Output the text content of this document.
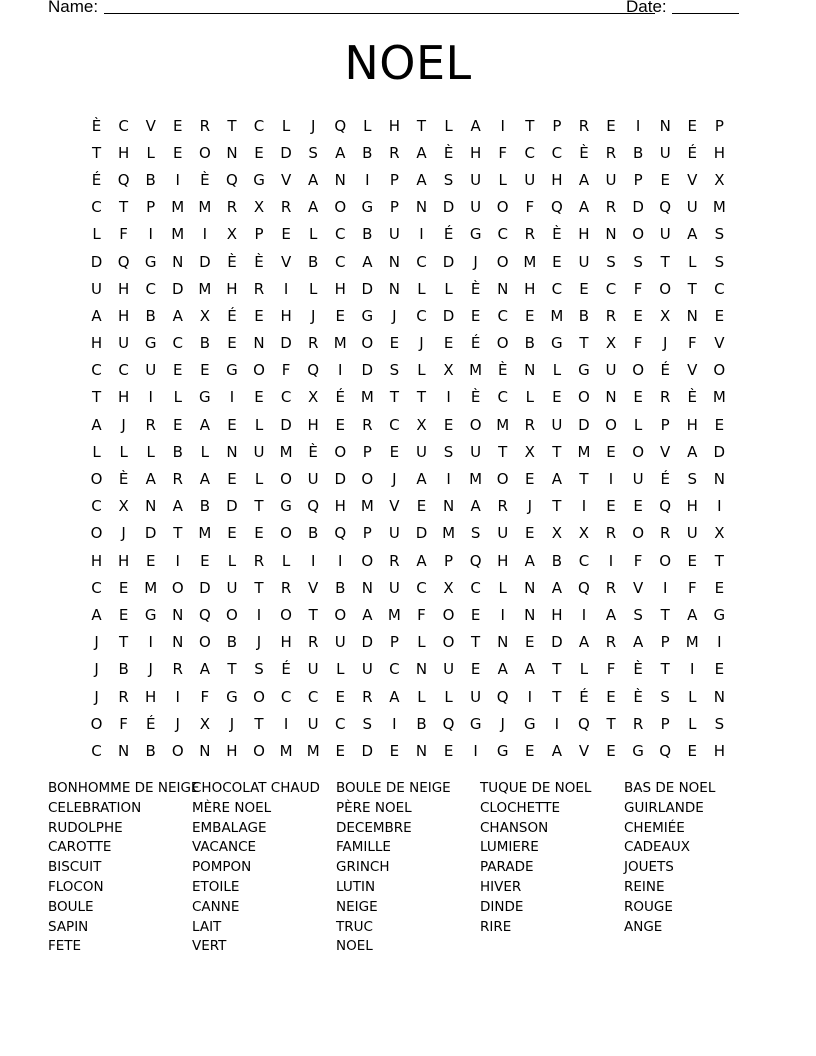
Name:	Date:
NOEL
È	C	V	E	R	T	C	L	J	Q	L	H	T	L	A	I	T	P	R	E	I	N	E	P
T	H	L	E	O	N	E	D	S	A	B	R	A	È	H	F	C	C	È	R	B	U	É	H
É	Q	B	I	È	Q	G	V	A	N	I	P	A	S	U	L	U	H	A	U	P	E	V	X
C	T	P	M M	R	X	R	A	O	G	P	N	D	U	O	F	Q	A	R	D	Q	U	M
L	F	I	M	I	X	P	E	L	C	B	U	I	É	G	C	R	È	H	N	O	U	A	S
D	Q	G	N	D	È	È	V	B	C	A	N	C	D	J	O M	E	U	S	S	T	L	S
U	H	C	D M H	R	I	L	H	D	N	L	L	È	N	H	C	E	C	F	O	T	C
A	H	B	A	X	É	E	H	J	E	G	J	C	D	E	C	E	M	B	R	E	X	N	E
H	U	G	C	B	E	N	D	R	M O	E	J	E	É	O	B	G	T	X	F	J	F	V
C	C	U	E	E	G	O	F	Q	I	D	S	L	X	M	È	N	L	G	U	O	É	V	O
T	H	I	L	G	I	E	C	X	É	M	T	T	I	È	C	L	E	O	N	E	R	È	M
A	J	R	E	A	E	L	D	H	E	R	C	X	E	O M	R	U	D	O	L	P	H	E
L	L	L	B	L	N	U	M	È	O	P	E	U	S	U	T	X	T	M	E	O	V	A	D
O	È	A	R	A	E	L	O	U	D	O	J	A	I	M O	E	A	T	I	U	É	S	N
C	X	N	A	B	D	T	G	Q	H M	V	E	N	A	R	J	T	I	E	E	Q	H	I
O	J	D	T	M	E	E	O	B	Q	P	U	D M	S	U	E	X	X	R	O	R	U	X
H	H	E	I	E	L	R	L	I	I	O	R	A	P	Q	H	A	B	C	I	F	O	E	T
C	E	M O	D	U	T	R	V	B	N	U	C	X	C	L	N	A	Q	R	V	I	F	E
A	E	G	N	Q	O	I	O	T	O	A	M	F	O	E	I	N	H	I	A	S	T	A	G
J	T	I	N	O	B	J	H	R	U	D	P	L	O	T	N	E	D	A	R	A	P	M	I
J	B	J	R	A	T	S	É	U	L	U	C	N	U	E	A	A	T	L	F	È	T	I	E
J	R	H	I	F	G	O	C	C	E	R	A	L	L	U	Q	I	T	É	E	È	S	L	N
O	F	É	J	X	J	T	I	U	C	S	I	B	Q	G	J	G	I	Q	T	R	P	L	S
C	N	B	O	N	H	O M M	E	D	E	N	E	I	G	E	A	V	E	G	Q	E	H
BONHOMME DE NEIGE
CELEBRATION
RUDOLPHE
CAROTTE
BISCUIT
FLOCON
BOULE
SAPIN
FETE
CHOCOLAT CHAUD
MÈRE NOEL
EMBALAGE
VACANCE
POMPON
ETOILE
CANNE
LAIT
VERT
BOULE DE NEIGE
PÈRE NOEL
DECEMBRE
FAMILLE
GRINCH
LUTIN
NEIGE
TRUC
NOEL
TUQUE DE NOEL
CLOCHETTE
CHANSON
LUMIERE
PARADE
HIVER
DINDE
RIRE
BAS DE NOEL
GUIRLANDE
CHEMIÉE
CADEAUX
JOUETS
REINE
ROUGE
ANGE
